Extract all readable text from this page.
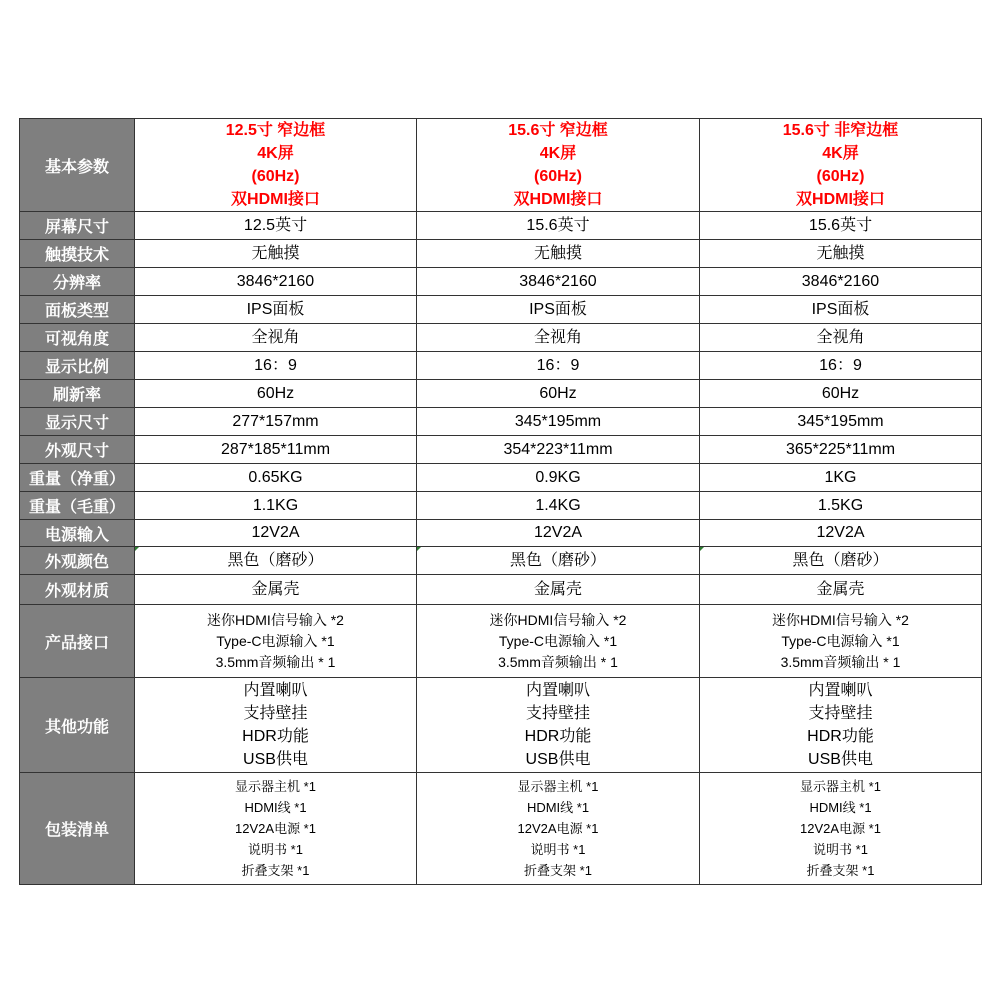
基本参数	12.5寸 窄边框
4K屏
(60Hz)
双HDMI接口	15.6寸 窄边框
4K屏
(60Hz)
双HDMI接口	15.6寸 非窄边框
4K屏
(60Hz)
双HDMI接口

屏幕尺寸	12.5英寸	15.6英寸	15.6英寸
触摸技术	无触摸	无触摸	无触摸
分辨率	3846*2160	3846*2160	3846*2160
面板类型	IPS面板	IPS面板	IPS面板
可视角度	全视角	全视角	全视角
显示比例	16：9	16：9	16：9
刷新率	60Hz	60Hz	60Hz
显示尺寸	277*157mm	345*195mm	345*195mm
外观尺寸	287*185*11mm	354*223*11mm	365*225*11mm
重量（净重）	0.65KG	0.9KG	1KG
重量（毛重）	1.1KG	1.4KG	1.5KG
电源输入	12V2A	12V2A	12V2A
外观颜色	黑色（磨砂）	黑色（磨砂）	黑色（磨砂）
外观材质	金属壳	金属壳	金属壳
产品接口	迷你HDMI信号输入 *2
Type-C电源输入 *1
3.5mm音频输出 * 1	迷你HDMI信号输入 *2
Type-C电源输入 *1
3.5mm音频输出 * 1	迷你HDMI信号输入 *2
Type-C电源输入 *1
3.5mm音频输出 * 1

其他功能	内置喇叭
支持壁挂
HDR功能
USB供电	内置喇叭
支持壁挂
HDR功能
USB供电	内置喇叭
支持壁挂
HDR功能
USB供电

包装清单	显示器主机 *1
HDMI线 *1
12V2A电源 *1
说明书 *1
折叠支架 *1	显示器主机 *1
HDMI线 *1
12V2A电源 *1
说明书 *1
折叠支架 *1	显示器主机 *1
HDMI线 *1
12V2A电源 *1
说明书 *1
折叠支架 *1
